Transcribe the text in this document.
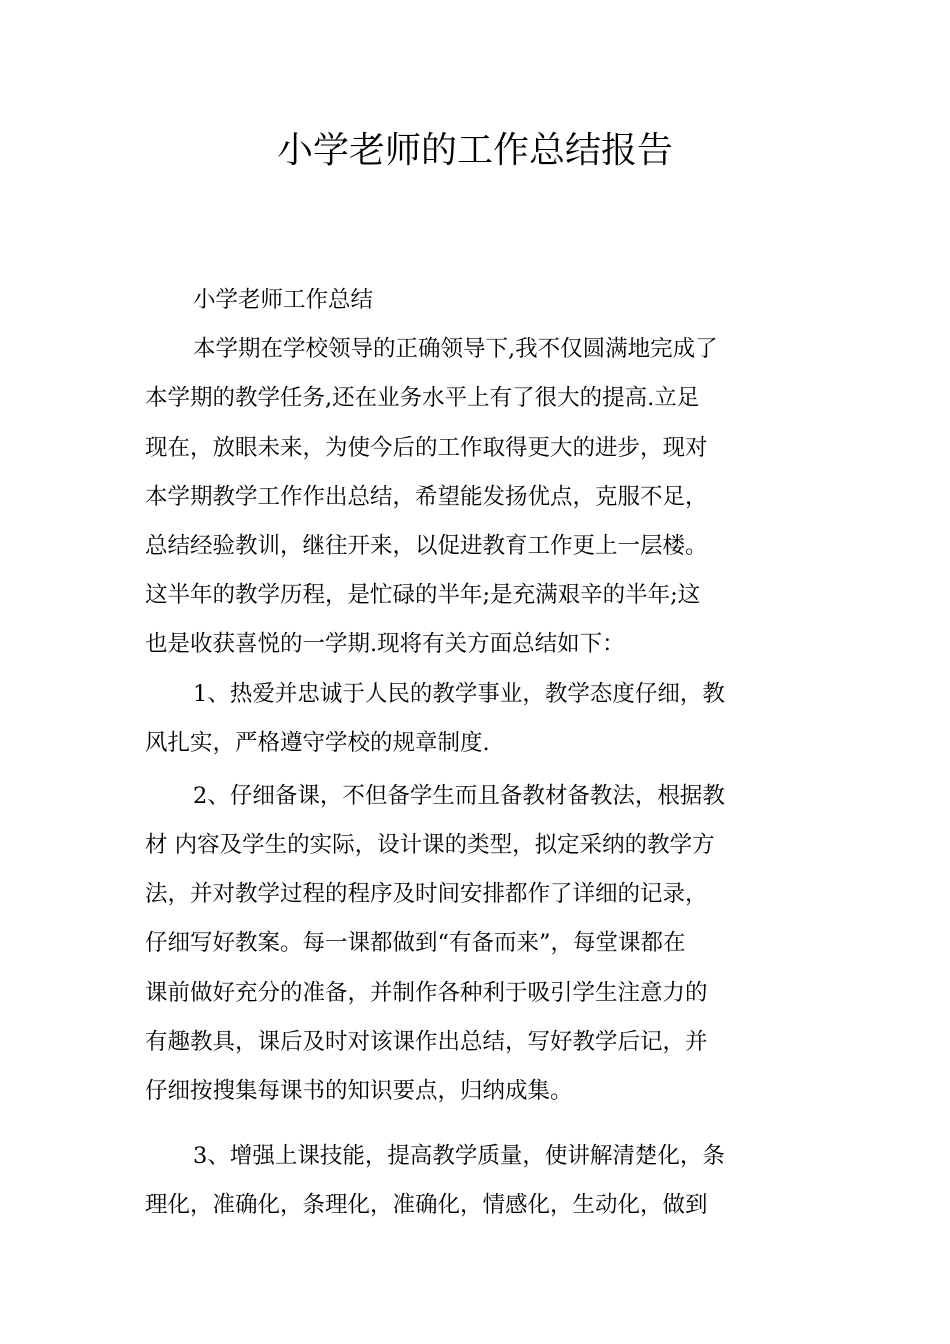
小学老师的工作总结报告
小学老师工作总结
本学期在学校领导的正确领导下,我不仅圆满地完成了
本学期的教学任务,还在业务水平上有了很大的提高.立足
现在，放眼未来，为使今后的工作取得更大的进步，现对
本学期教学工作作出总结，希望能发扬优点，克服不足，
总结经验教训，继往开来，以促进教育工作更上一层楼。
这半年的教学历程，是忙碌的半年;是充满艰辛的半年;这
也是收获喜悦的一学期.现将有关方面总结如下：
1、热爱并忠诚于人民的教学事业，教学态度仔细，教
风扎实，严格遵守学校的规章制度.
2、仔细备课，不但备学生而且备教材备教法，根据教
材 内容及学生的实际，设计课的类型，拟定采纳的教学方
法，并对教学过程的程序及时间安排都作了详细的记录，
仔细写好教案。每一课都做到“有备而来”，每堂课都在
课前做好充分的准备，并制作各种利于吸引学生注意力的
有趣教具，课后及时对该课作出总结，写好教学后记，并
仔细按搜集每课书的知识要点，归纳成集。
3、增强上课技能，提高教学质量，使讲解清楚化，条
理化，准确化，条理化，准确化，情感化，生动化，做到
